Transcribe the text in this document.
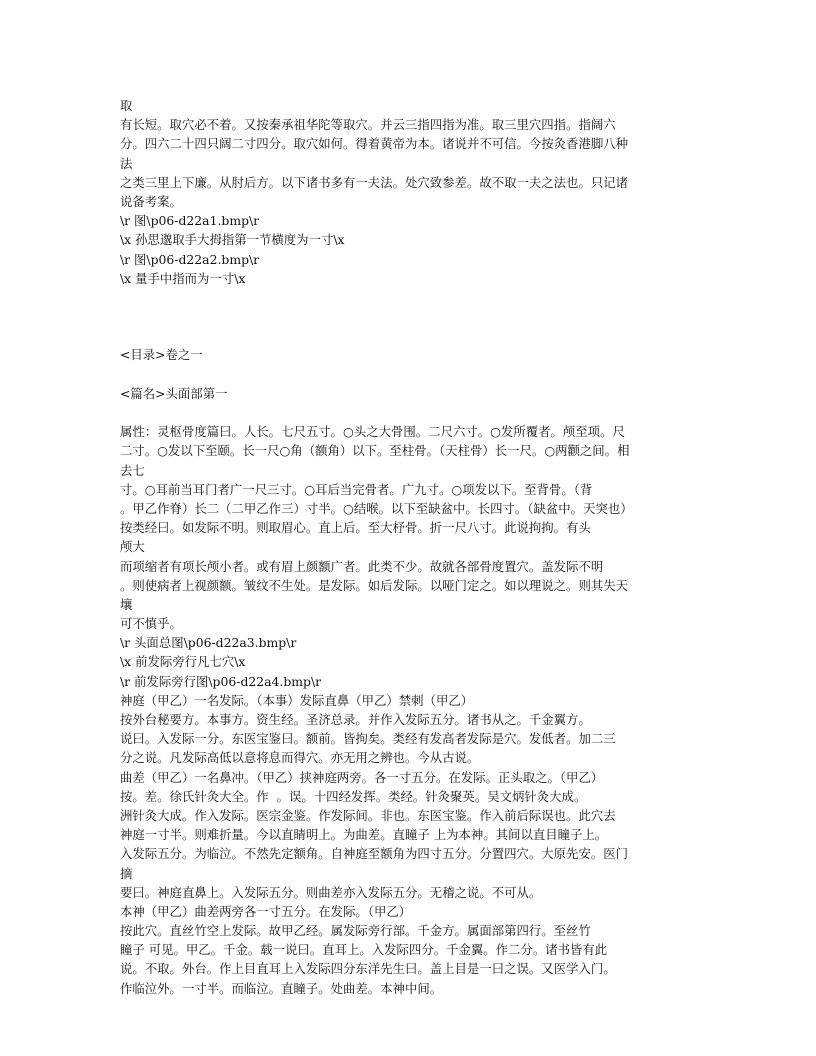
取
有长短。取穴必不着。又按秦承祖华陀等取穴。并云三指四指为准。取三里穴四指。指阔六
分。四六二十四只阔二寸四分。取穴如何。得着黄帝为本。诸说并不可信。今按灸香港脚八种
法
之类三里上下廉。从肘后方。以下诸书多有一夫法。处穴致参差。故不取一夫之法也。只记诸
说备考案。
\r 图\p06-d22a1.bmp\r
\x 孙思邈取手大拇指第一节横度为一寸\x
\r 图\p06-d22a2.bmp\r
\x 量手中指而为一寸\x
<目录>卷之一
<篇名>头面部第一
属性：灵枢骨度篇曰。人长。七尺五寸。○头之大骨围。二尺六寸。○发所覆者。颅至项。尺
二寸。○发以下至颐。长一尺○角（额角）以下。至柱骨。（天柱骨）长一尺。○两颧之间。相
去七
寸。○耳前当耳门者广一尺三寸。○耳后当完骨者。广九寸。○项发以下。至背骨。（背
。甲乙作脊）长二（二甲乙作三）寸半。○结喉。以下至缺盆中。长四寸。（缺盆中。天突也）
按类经曰。如发际不明。则取眉心。直上后。至大杼骨。折一尺八寸。此说拘拘。有头
颅大
而项缩者有项长颅小者。或有眉上颜额广者。此类不少。故就各部骨度置穴。盖发际不明
。则使病者上视颜额。皱纹不生处。是发际。如后发际。以哑门定之。如以理说之。则其失天
壤
可不慎乎。
\r 头面总图\p06-d22a3.bmp\r
\x 前发际旁行凡七穴\x
\r 前发际旁行图\p06-d22a4.bmp\r
神庭（甲乙）一名发际。（本事）发际直鼻（甲乙）禁刺（甲乙）
按外台秘要方。本事方。资生经。圣济总录。并作入发际五分。诸书从之。千金翼方。
说曰。入发际一分。东医宝鉴曰。额前。皆拘矣。类经有发高者发际是穴。发低者。加二三
分之说。凡发际高低以意将息而得穴。亦无用之辨也。今从古说。
曲差（甲乙）一名鼻冲。（甲乙）挟神庭两旁。各一寸五分。在发际。正头取之。（甲乙）
按。差。徐氏针灸大全。作  。误。十四经发挥。类经。针灸聚英。吴文炳针灸大成。
洲针灸大成。作入发际。医宗金鉴。作发际间。非也。东医宝鉴。作入前后际误也。此穴去
神庭一寸半。则难折量。今以直睛明上。为曲差。直瞳子 上为本神。其间以直目瞳子上。
入发际五分。为临泣。不然先定额角。自神庭至额角为四寸五分。分置四穴。大原先安。医门
摘
要曰。神庭直鼻上。入发际五分。则曲差亦入发际五分。无稽之说。不可从。
本神（甲乙）曲差两旁各一寸五分。在发际。（甲乙）
按此穴。直丝竹空上发际。故甲乙经。属发际旁行部。千金方。属面部第四行。至丝竹
瞳子 可见。甲乙。千金。载一说曰。直耳上。入发际四分。千金翼。作二分。诸书皆有此
说。不取。外台。作上目直耳上入发际四分东洋先生曰。盖上目是一曰之误。又医学入门。
作临泣外。一寸半。而临泣。直瞳子。处曲差。本神中间。
